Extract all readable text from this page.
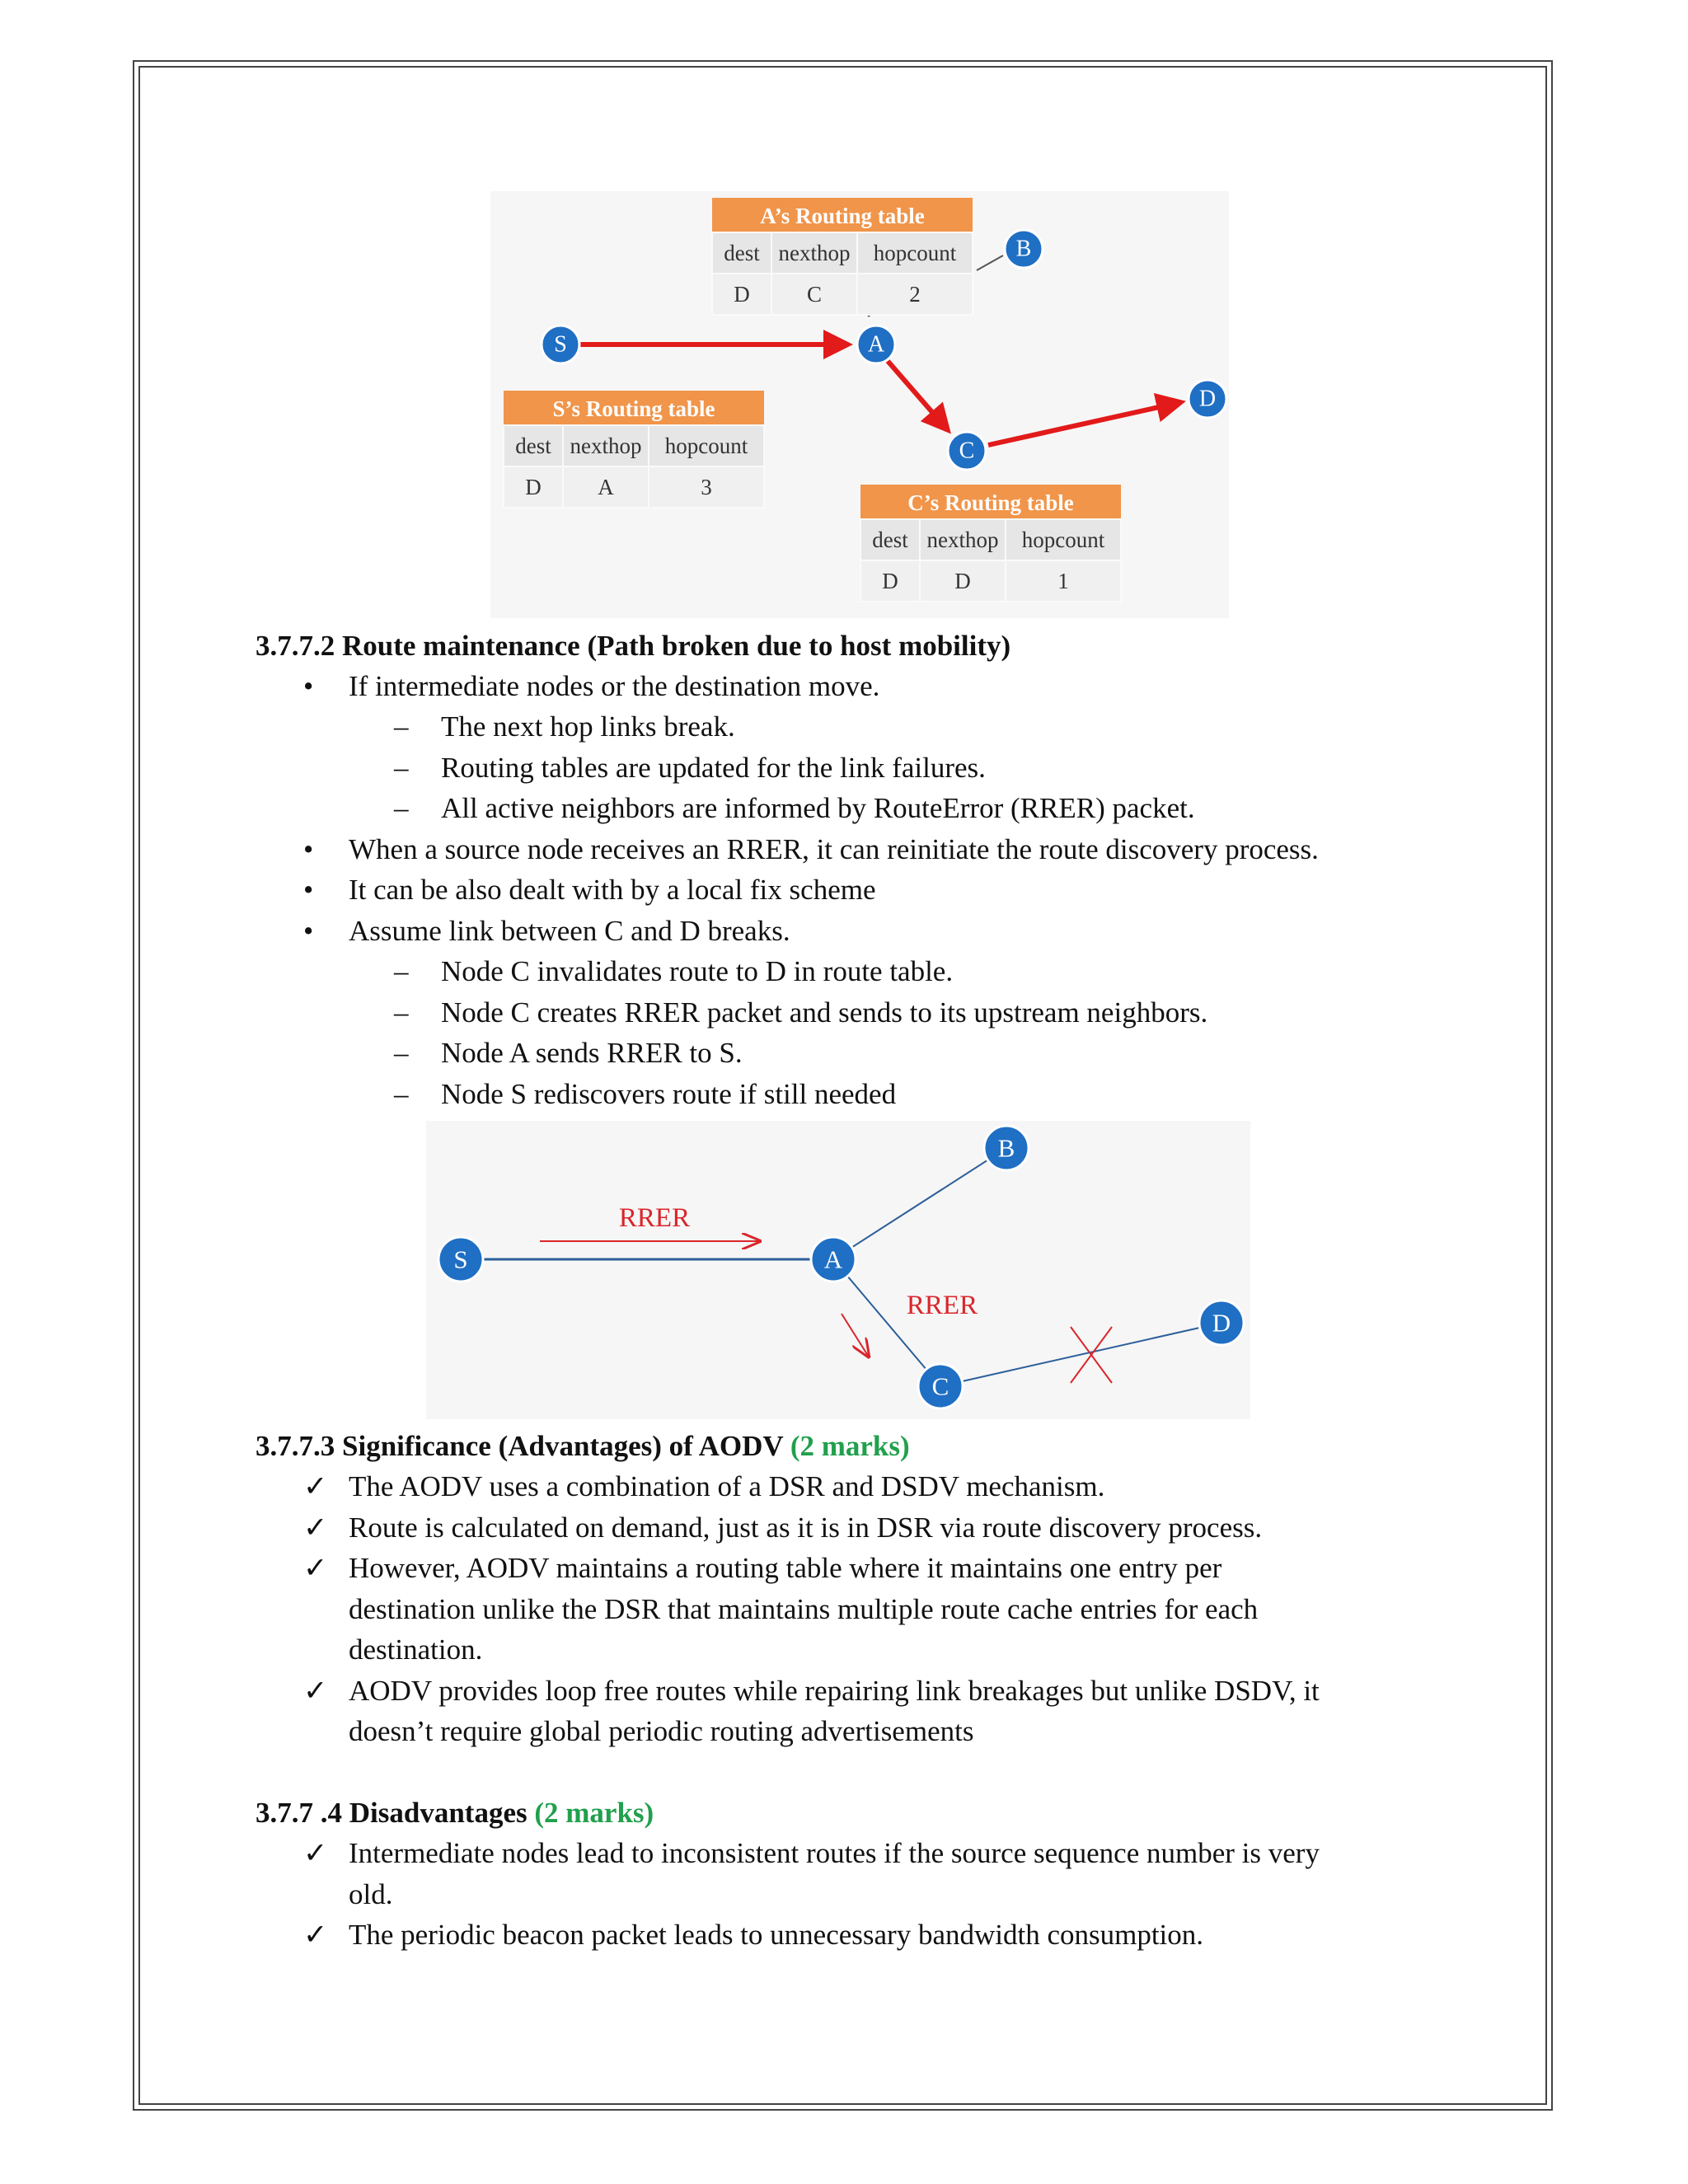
S	A
B
C
D
A’s Routing table
dest
D
nexthop
C
hopcount
2
S’s Routing table
dest
D
nexthop
A
hopcount
3
C’s Routing table
dest
D
nexthop
D
hopcount
1
3.7.7.2 Route maintenance (Path broken due to host mobility)
• If intermediate nodes or the destination move.
– The next hop links break.
– Routing tables are updated for the link failures.
– All active neighbors are informed by RouteError (RRER) packet.
• When a source node receives an RRER, it can reinitiate the route discovery process.
• It can be also dealt with by a local fix scheme
• Assume link between C and D breaks.
– Node C invalidates route to D in route table.
– Node C creates RRER packet and sends to its upstream neighbors.
– Node A sends RRER to S.
– Node S rediscovers route if still needed
RRER
RRER
S	A
B
C
D
3.7.7.3 Significance (Advantages) of AODV (2 marks)
✓ The AODV uses a combination of a DSR and DSDV mechanism.
✓ Route is calculated on demand, just as it is in DSR via route discovery process.
✓ However, AODV maintains a routing table where it maintains one entry per
destination unlike the DSR that maintains multiple route cache entries for each
destination.
✓ AODV provides loop free routes while repairing link breakages but unlike DSDV, it
doesn’t require global periodic routing advertisements
3.7.7 .4 Disadvantages (2 marks)
✓ Intermediate nodes lead to inconsistent routes if the source sequence number is very
old.
✓ The periodic beacon packet leads to unnecessary bandwidth consumption.
